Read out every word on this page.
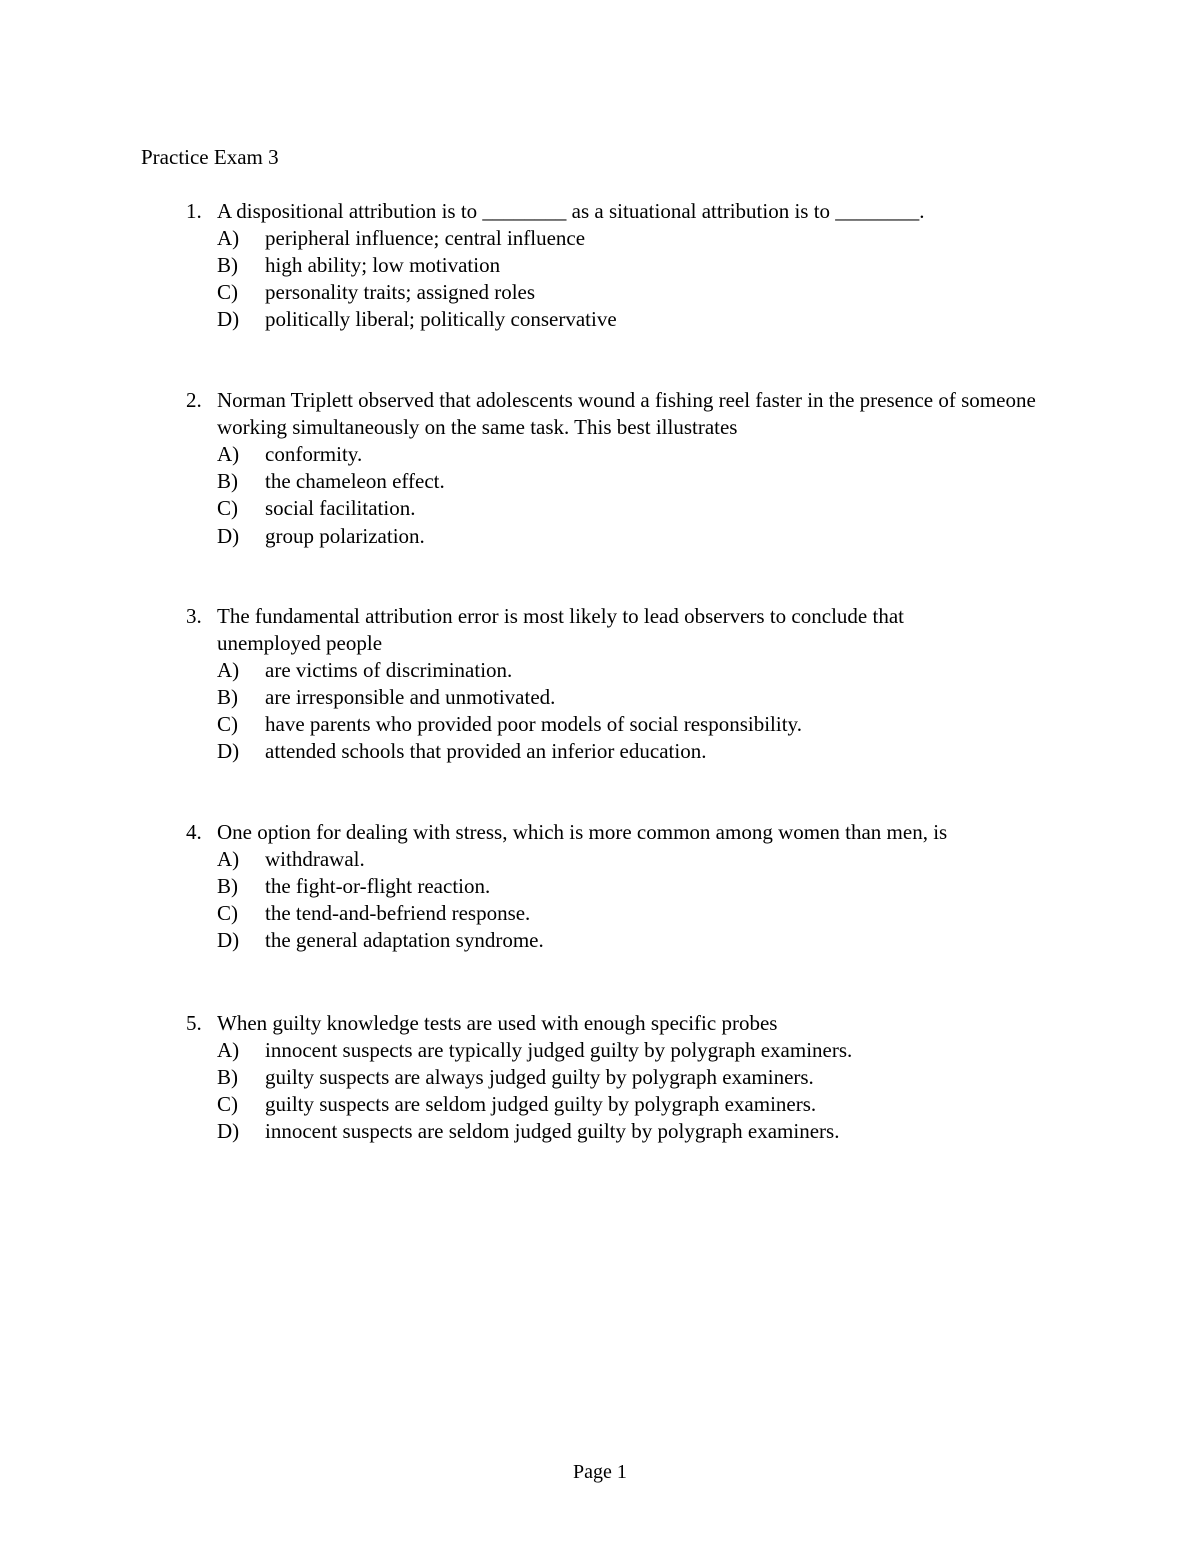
Practice Exam 3
1. A dispositional attribution is to ________ as a situational attribution is to ________.
A) peripheral influence; central influence
B) high ability; low motivation
C) personality traits; assigned roles
D) politically liberal; politically conservative
2. Norman Triplett observed that adolescents wound a fishing reel faster in the presence of someone working simultaneously on the same task. This best illustrates
A) conformity.
B) the chameleon effect.
C) social facilitation.
D) group polarization.
3. The fundamental attribution error is most likely to lead observers to conclude that unemployed people
A) are victims of discrimination.
B) are irresponsible and unmotivated.
C) have parents who provided poor models of social responsibility.
D) attended schools that provided an inferior education.
4. One option for dealing with stress, which is more common among women than men, is
A) withdrawal.
B) the fight-or-flight reaction.
C) the tend-and-befriend response.
D) the general adaptation syndrome.
5. When guilty knowledge tests are used with enough specific probes
A) innocent suspects are typically judged guilty by polygraph examiners.
B) guilty suspects are always judged guilty by polygraph examiners.
C) guilty suspects are seldom judged guilty by polygraph examiners.
D) innocent suspects are seldom judged guilty by polygraph examiners.
Page 1
